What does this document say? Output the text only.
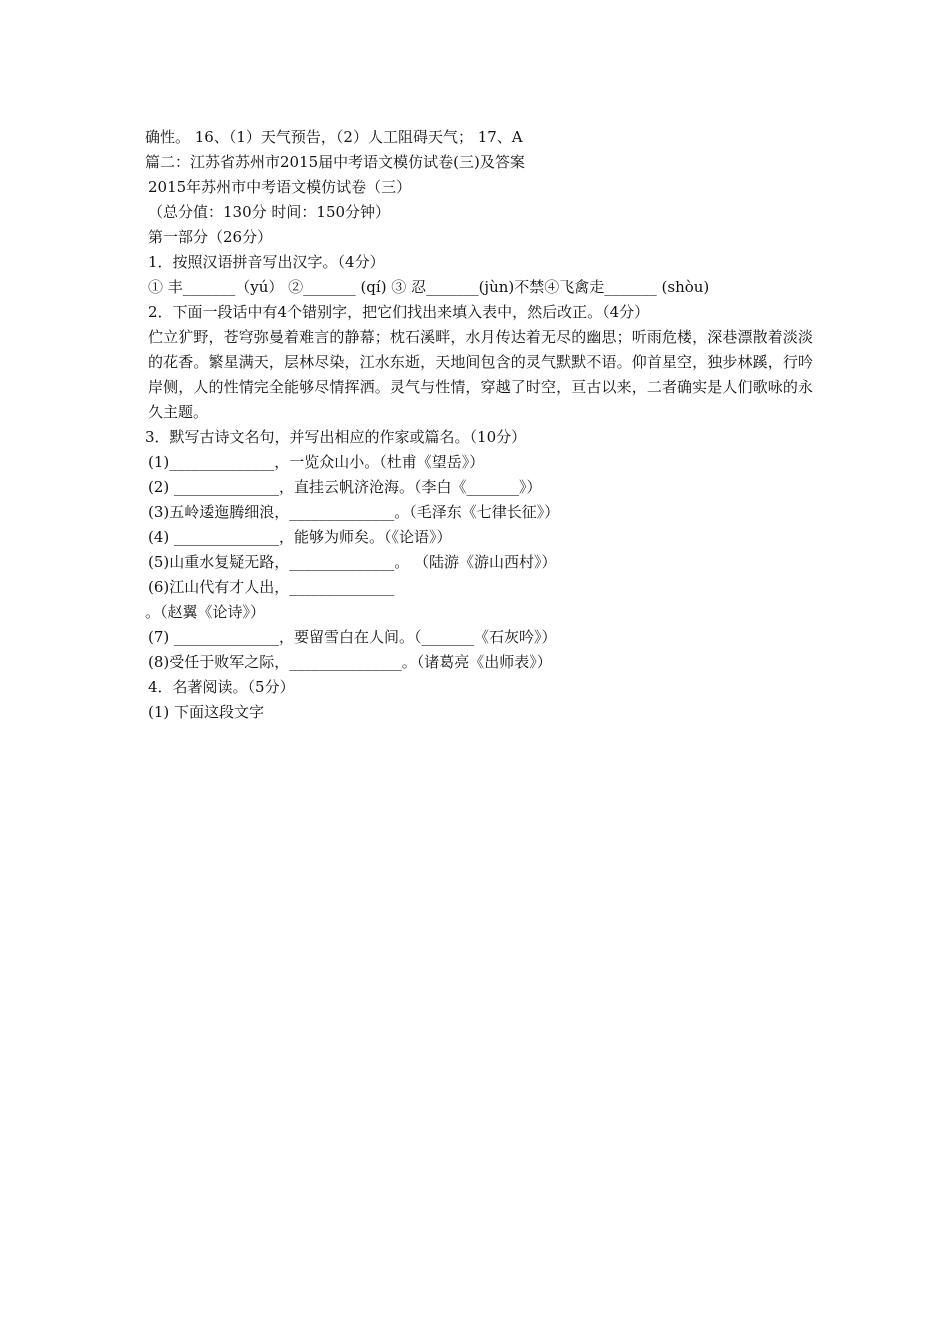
确性。 16、（1）天气预告，（2）人工阻碍天气； 17、A
篇二：江苏省苏州市2015届中考语文模仿试卷(三)及答案
2015年苏州市中考语文模仿试卷（三）
（总分值：130分 时间：150分钟）
第一部分（26分）
1．按照汉语拼音写出汉字。（4分）
① 丰_______（yú） ②_______ (qí) ③ 忍_______(jùn)不禁④飞禽走_______ (shòu)
2．下面一段话中有4个错别字，把它们找出来填入表中，然后改正。（4分）
伫立犷野，苍穹弥曼着难言的静幕；枕石溪畔，水月传达着无尽的幽思；听雨危楼，深巷漂散着淡淡的花香。繁星满天，层林尽染，江水东逝，天地间包含的灵气默默不语。仰首星空，独步林蹊，行吟岸侧，人的性情完全能够尽情挥洒。灵气与性情，穿越了时空，亘古以来，二者确实是人们歌咏的永久主题。
3．默写古诗文名句，并写出相应的作家或篇名。（10分）
(1)______________，一览众山小。（杜甫《望岳》）
(2) ______________，直挂云帆济沧海。（李白《_______》）
(3)五岭逶迤腾细浪，______________。（毛泽东《七律长征》）
(4) ______________，能够为师矣。（《论语》）
(5)山重水复疑无路，______________。 （陆游《游山西村》）
(6)江山代有才人出，______________
。（赵翼《论诗》）
(7) ______________，要留雪白在人间。（_______《石灰吟》）
(8)受任于败军之际，_______________。（诸葛亮《出师表》）
4．名著阅读。（5分）
(1) 下面这段文字
